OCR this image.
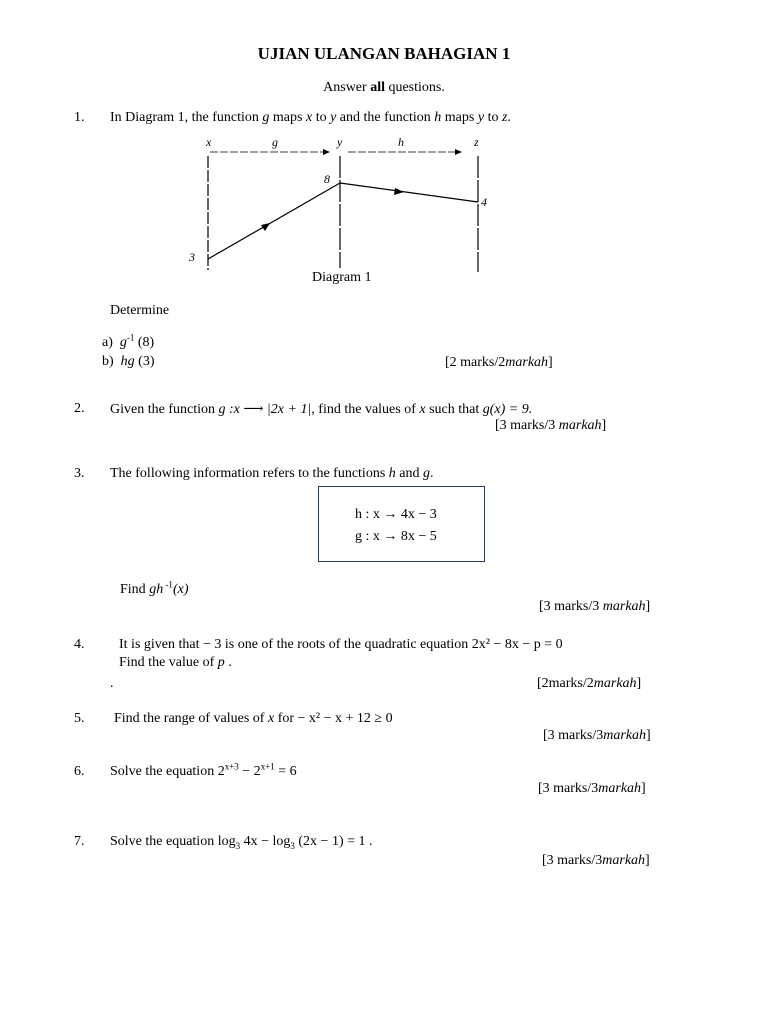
UJIAN ULANGAN BAHAGIAN 1
Answer all questions.
1. In Diagram 1, the function g maps x to y and the function h maps y to z.
x	g	y	h	z
3
8
4
Diagram 1
Determine
a) $g^{-1}$ (8)
b) hg (3)	[2 marks/2markah]
2. Given the function g :x ⟶ |2x + 1|, find the values of x such that g(x) = 9.
[3 marks/3 markah]
3. The following information refers to the functions h and g.
h : x → 4x − 3
g : x → 8x − 5
Find gh $^{-1}$(x)
[3 marks/3 markah]
4. It is given that − 3 is one of the roots of the quadratic equation 2x² − 8x − p = 0
Find the value of p .
.	[2marks/2markah]
5. Find the range of values of x for − x² − x + 12 ≥ 0
[3 marks/3markah]
6. Solve the equation $2^{x+3} - 2^{x+1} = 6$
[3 marks/3markah]
7. Solve the equation $\log_3 4x - \log_3 (2x - 1) = 1$ .
[3 marks/3markah]
